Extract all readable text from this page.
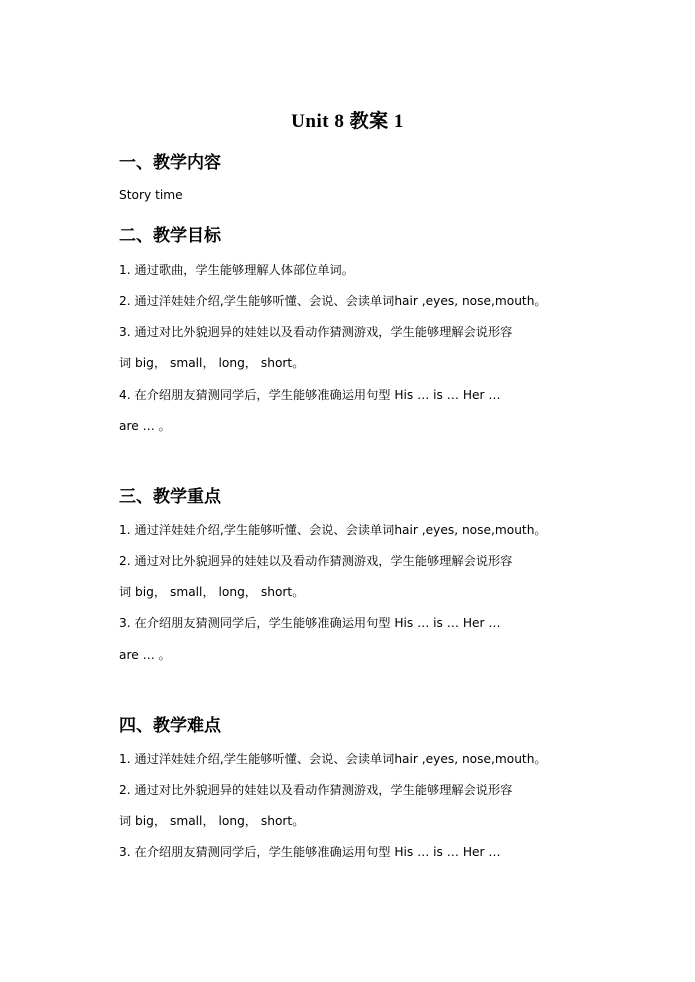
Unit 8 教案 1
一、教学内容
Story time
二、教学目标
1. 通过歌曲，学生能够理解人体部位单词。
2. 通过洋娃娃介绍,学生能够听懂、会说、会读单词hair ,eyes, nose,mouth。
3. 通过对比外貌迥异的娃娃以及看动作猜测游戏，学生能够理解会说形容
词 big， small， long， short。
4. 在介绍朋友猜测同学后，学生能够准确运用句型 His … is … Her …
are … 。
三、教学重点
1. 通过洋娃娃介绍,学生能够听懂、会说、会读单词hair ,eyes, nose,mouth。
2. 通过对比外貌迥异的娃娃以及看动作猜测游戏，学生能够理解会说形容
词 big， small， long， short。
3. 在介绍朋友猜测同学后，学生能够准确运用句型 His … is … Her …
are … 。
四、教学难点
1. 通过洋娃娃介绍,学生能够听懂、会说、会读单词hair ,eyes, nose,mouth。
2. 通过对比外貌迥异的娃娃以及看动作猜测游戏，学生能够理解会说形容
词 big， small， long， short。
3. 在介绍朋友猜测同学后，学生能够准确运用句型 His … is … Her …
